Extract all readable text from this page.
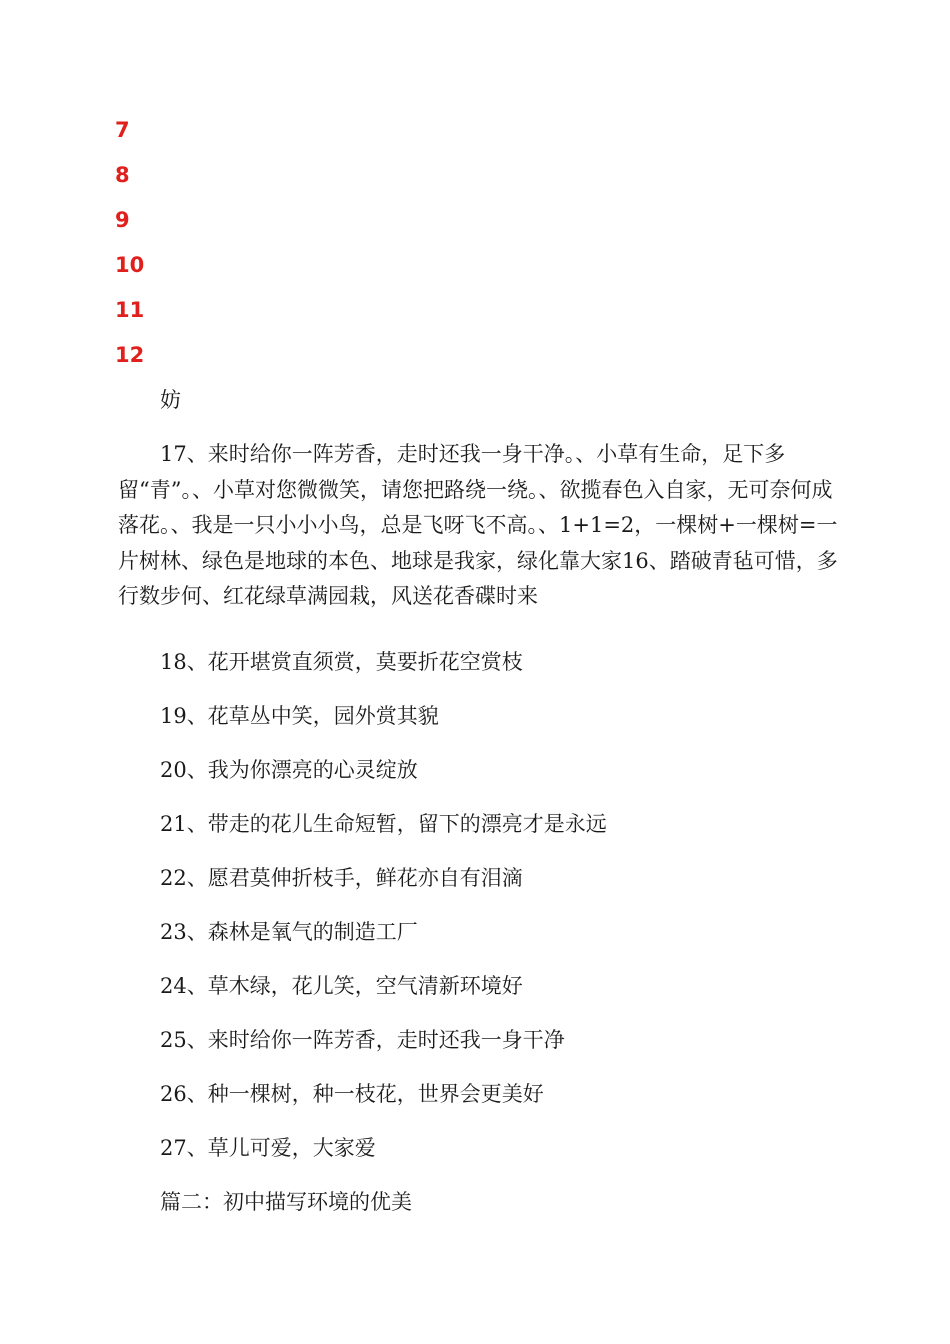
7
8
9
10
11
12
妨
17、来时给你一阵芳香，走时还我一身干净。、小草有生命，足下多留“青”。、小草对您微微笑，请您把路绕一绕。、欲揽春色入自家，无可奈何成落花。、我是一只小小小鸟，总是飞呀飞不高。、1+1=2，一棵树+一棵树=一片树林、绿色是地球的本色、地球是我家，绿化靠大家16、踏破青毡可惜，多行数步何、红花绿草满园栽，风送花香碟时来
18、花开堪赏直须赏，莫要折花空赏枝
19、花草丛中笑，园外赏其貌
20、我为你漂亮的心灵绽放
21、带走的花儿生命短暂，留下的漂亮才是永远
22、愿君莫伸折枝手，鲜花亦自有泪滴
23、森林是氧气的制造工厂
24、草木绿，花儿笑，空气清新环境好
25、来时给你一阵芳香，走时还我一身干净
26、种一棵树，种一枝花，世界会更美好
27、草儿可爱，大家爱
篇二：初中描写环境的优美
